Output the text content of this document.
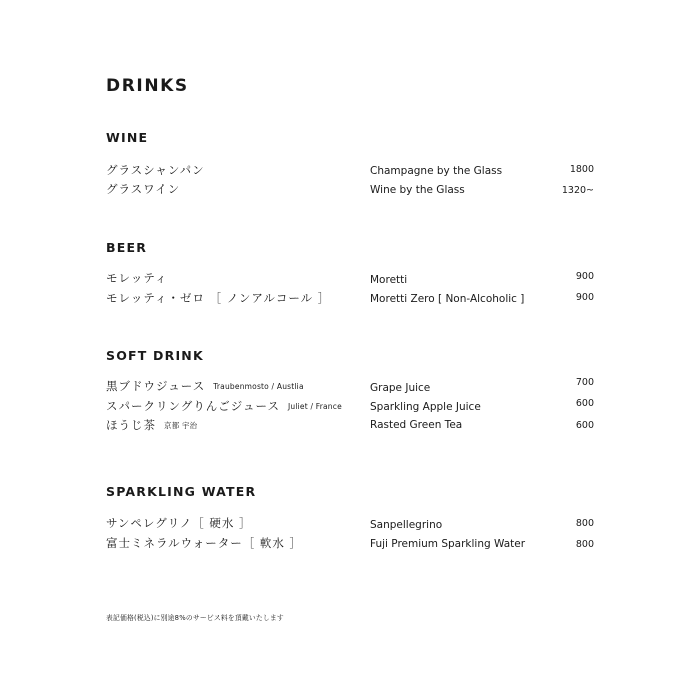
DRINKS
WINE
グラスシャンパン	Champagne by the Glass	1800
グラスワイン	Wine by the Glass	1320~
BEER
モレッティ	Moretti	900
モレッティ・ゼロ ［ ノンアルコール ］	Moretti Zero [ Non-Alcoholic ]	900
SOFT DRINK
黒ブドウジュース Traubenmosto / Austlia	Grape Juice	700
スパークリングりんごジュース Juliet / France	Sparkling Apple Juice	600
ほうじ茶 京都 宇治	Rasted Green Tea	600
SPARKLING WATER
サンペレグリノ［ 硬水 ］	Sanpellegrino	800
富士ミネラルウォーター［ 軟水 ］	Fuji Premium Sparkling Water	800
表記価格(税込)に別途8%のサービス料を頂戴いたします
